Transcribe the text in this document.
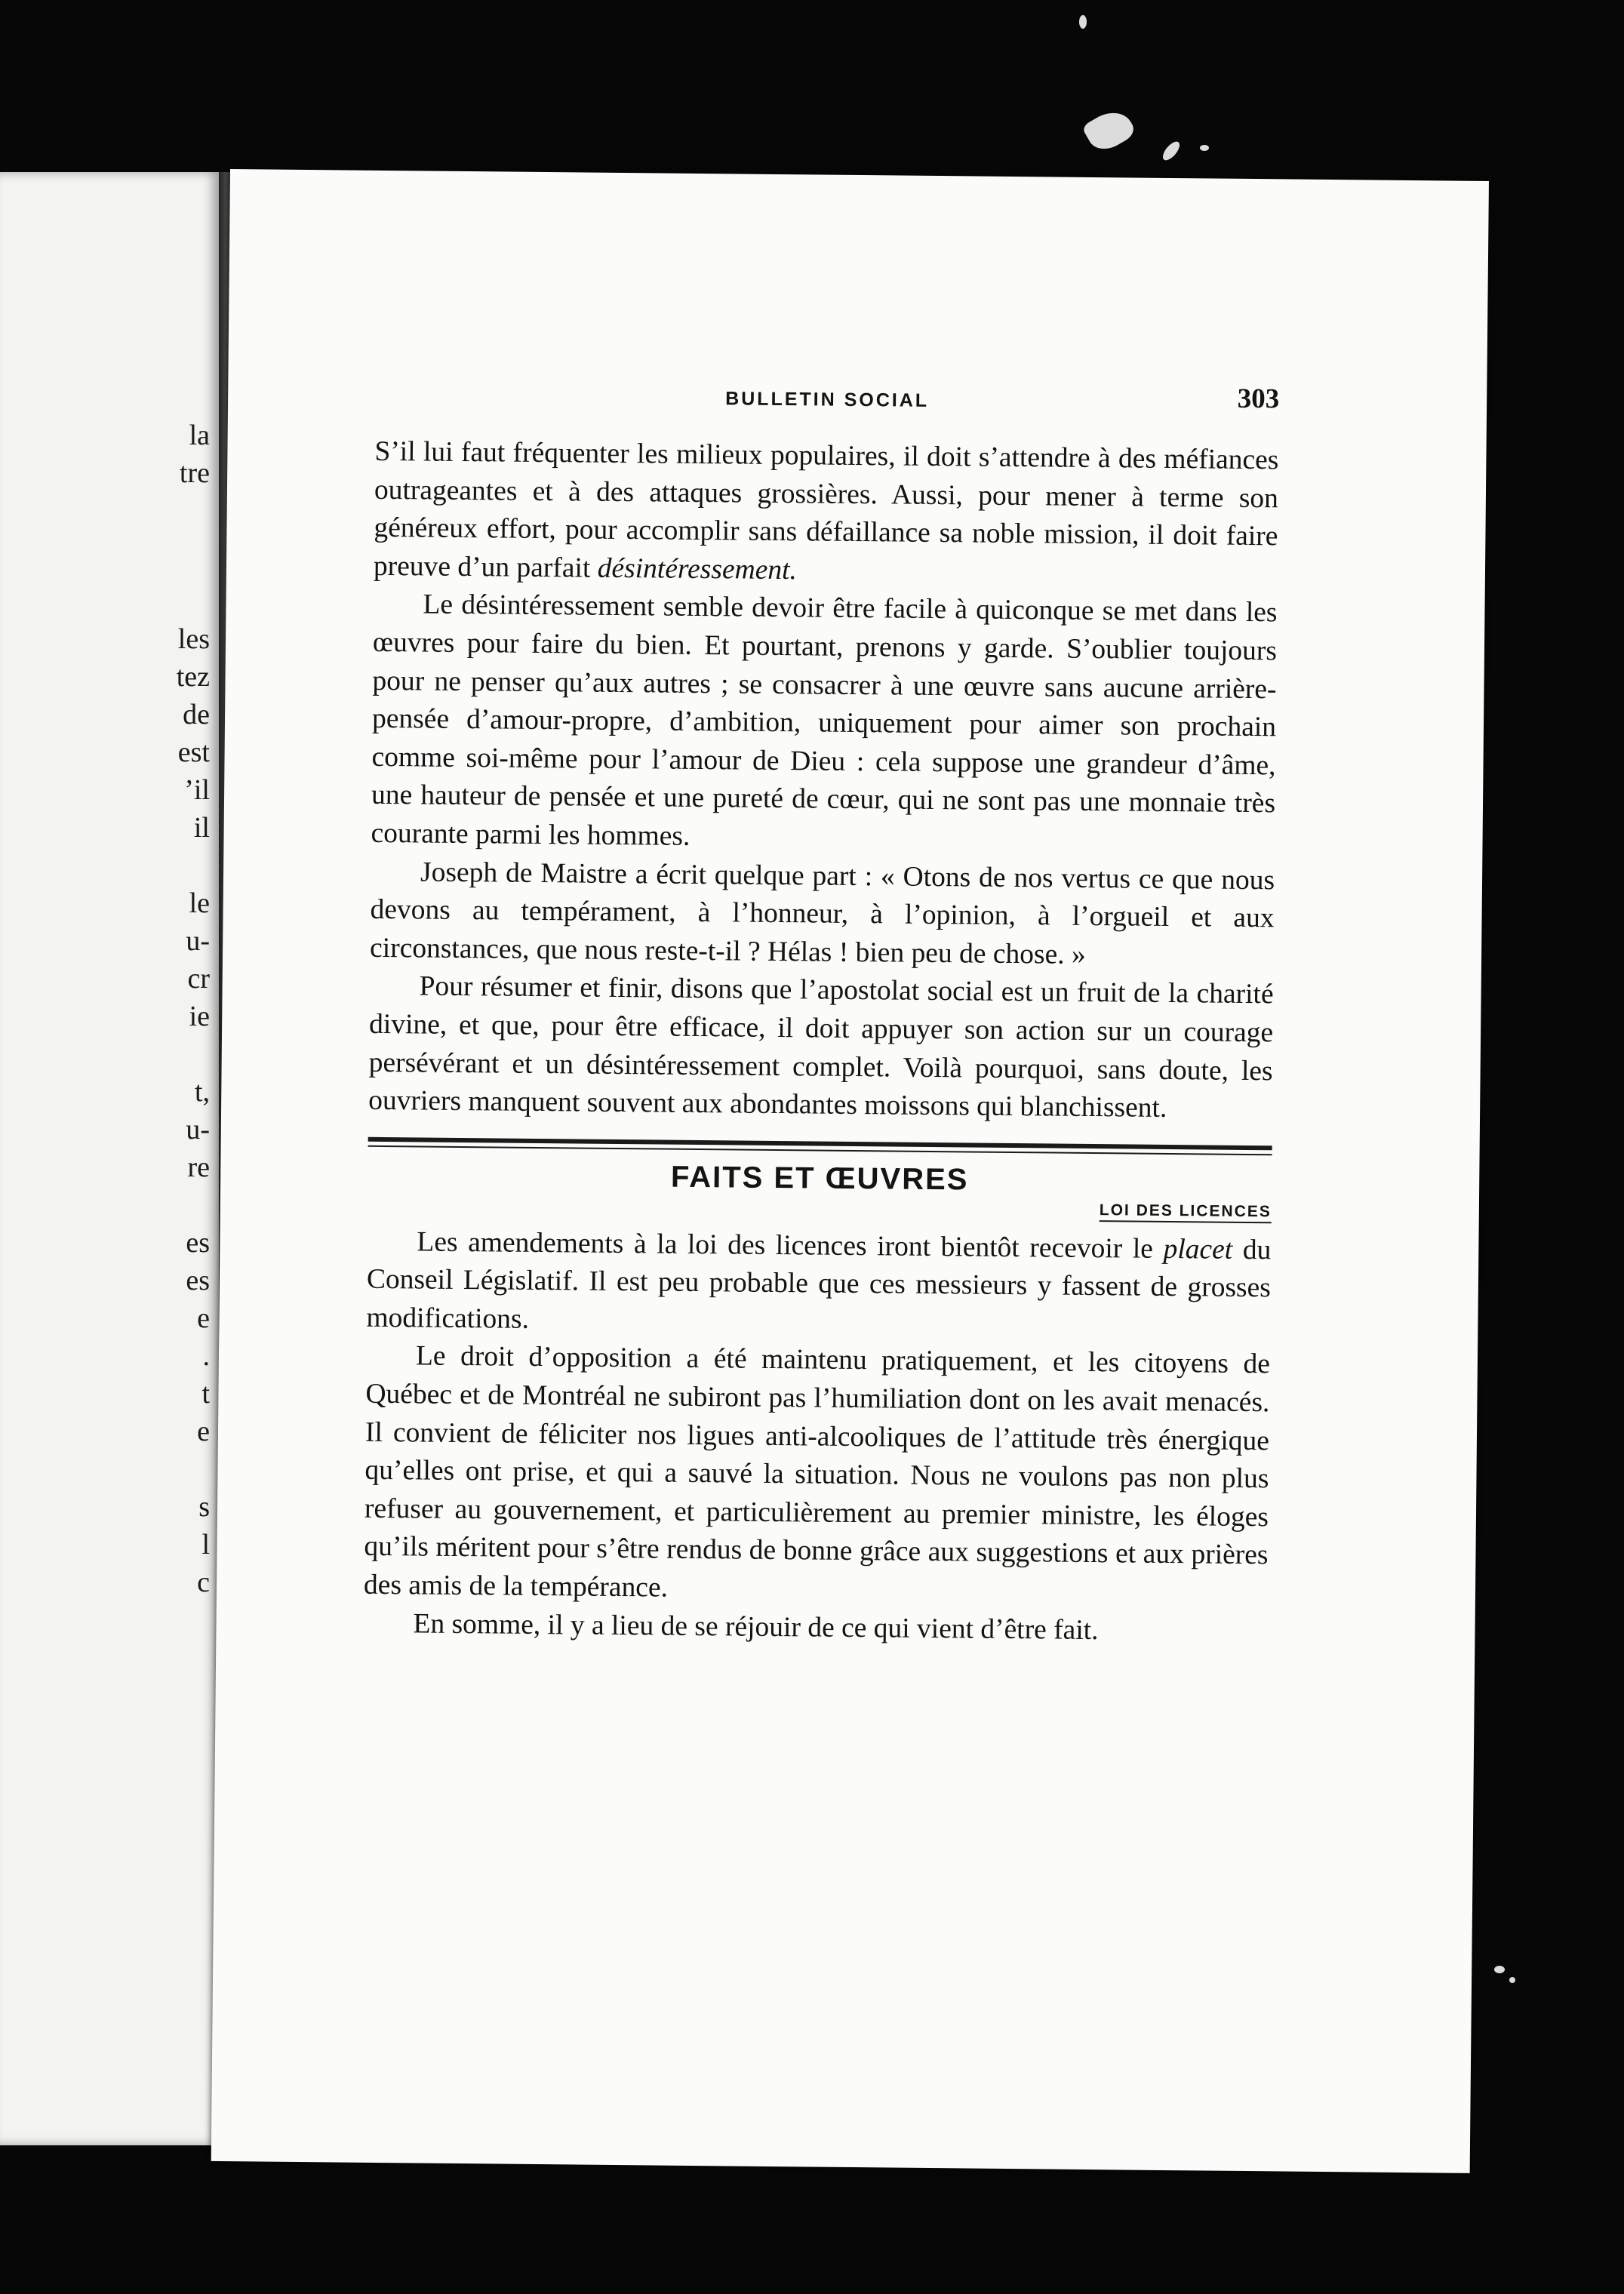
la
tre
les
tez
de
est
’il
il
le
u-
cr
ie
t,
u-
re
es
es
e
.
t
e
s
l
c
BULLETIN SOCIAL	303

S’il lui faut fréquenter les milieux populaires, il doit s’attendre à des méfiances outrageantes et à des attaques grossières. Aussi, pour mener à terme son généreux effort, pour accomplir sans défaillance sa noble mission, il doit faire preuve d’un parfait désintéressement.

Le désintéressement semble devoir être facile à quiconque se met dans les œuvres pour faire du bien. Et pourtant, prenons y garde. S’oublier toujours pour ne penser qu’aux autres ; se consacrer à une œuvre sans aucune arrière-pensée d’amour-propre, d’ambition, uniquement pour aimer son prochain comme soi-même pour l’amour de Dieu : cela suppose une grandeur d’âme, une hauteur de pensée et une pureté de cœur, qui ne sont pas une monnaie très courante parmi les hommes.

Joseph de Maistre a écrit quelque part : « Otons de nos vertus ce que nous devons au tempérament, à l’honneur, à l’opinion, à l’orgueil et aux circonstances, que nous reste-t-il ? Hélas ! bien peu de chose. »

Pour résumer et finir, disons que l’apostolat social est un fruit de la charité divine, et que, pour être efficace, il doit appuyer son action sur un courage persévérant et un désintéressement complet. Voilà pourquoi, sans doute, les ouvriers manquent souvent aux abondantes moissons qui blanchissent.

FAITS ET ŒUVRES
LOI DES LICENCES

Les amendements à la loi des licences iront bientôt recevoir le placet du Conseil Législatif. Il est peu probable que ces messieurs y fassent de grosses modifications.

Le droit d’opposition a été maintenu pratiquement, et les citoyens de Québec et de Montréal ne subiront pas l’humiliation dont on les avait menacés. Il convient de féliciter nos ligues anti-alcooliques de l’attitude très énergique qu’elles ont prise, et qui a sauvé la situation. Nous ne voulons pas non plus refuser au gouvernement, et particulièrement au premier ministre, les éloges qu’ils méritent pour s’être rendus de bonne grâce aux suggestions et aux prières des amis de la tempérance.

En somme, il y a lieu de se réjouir de ce qui vient d’être fait.
